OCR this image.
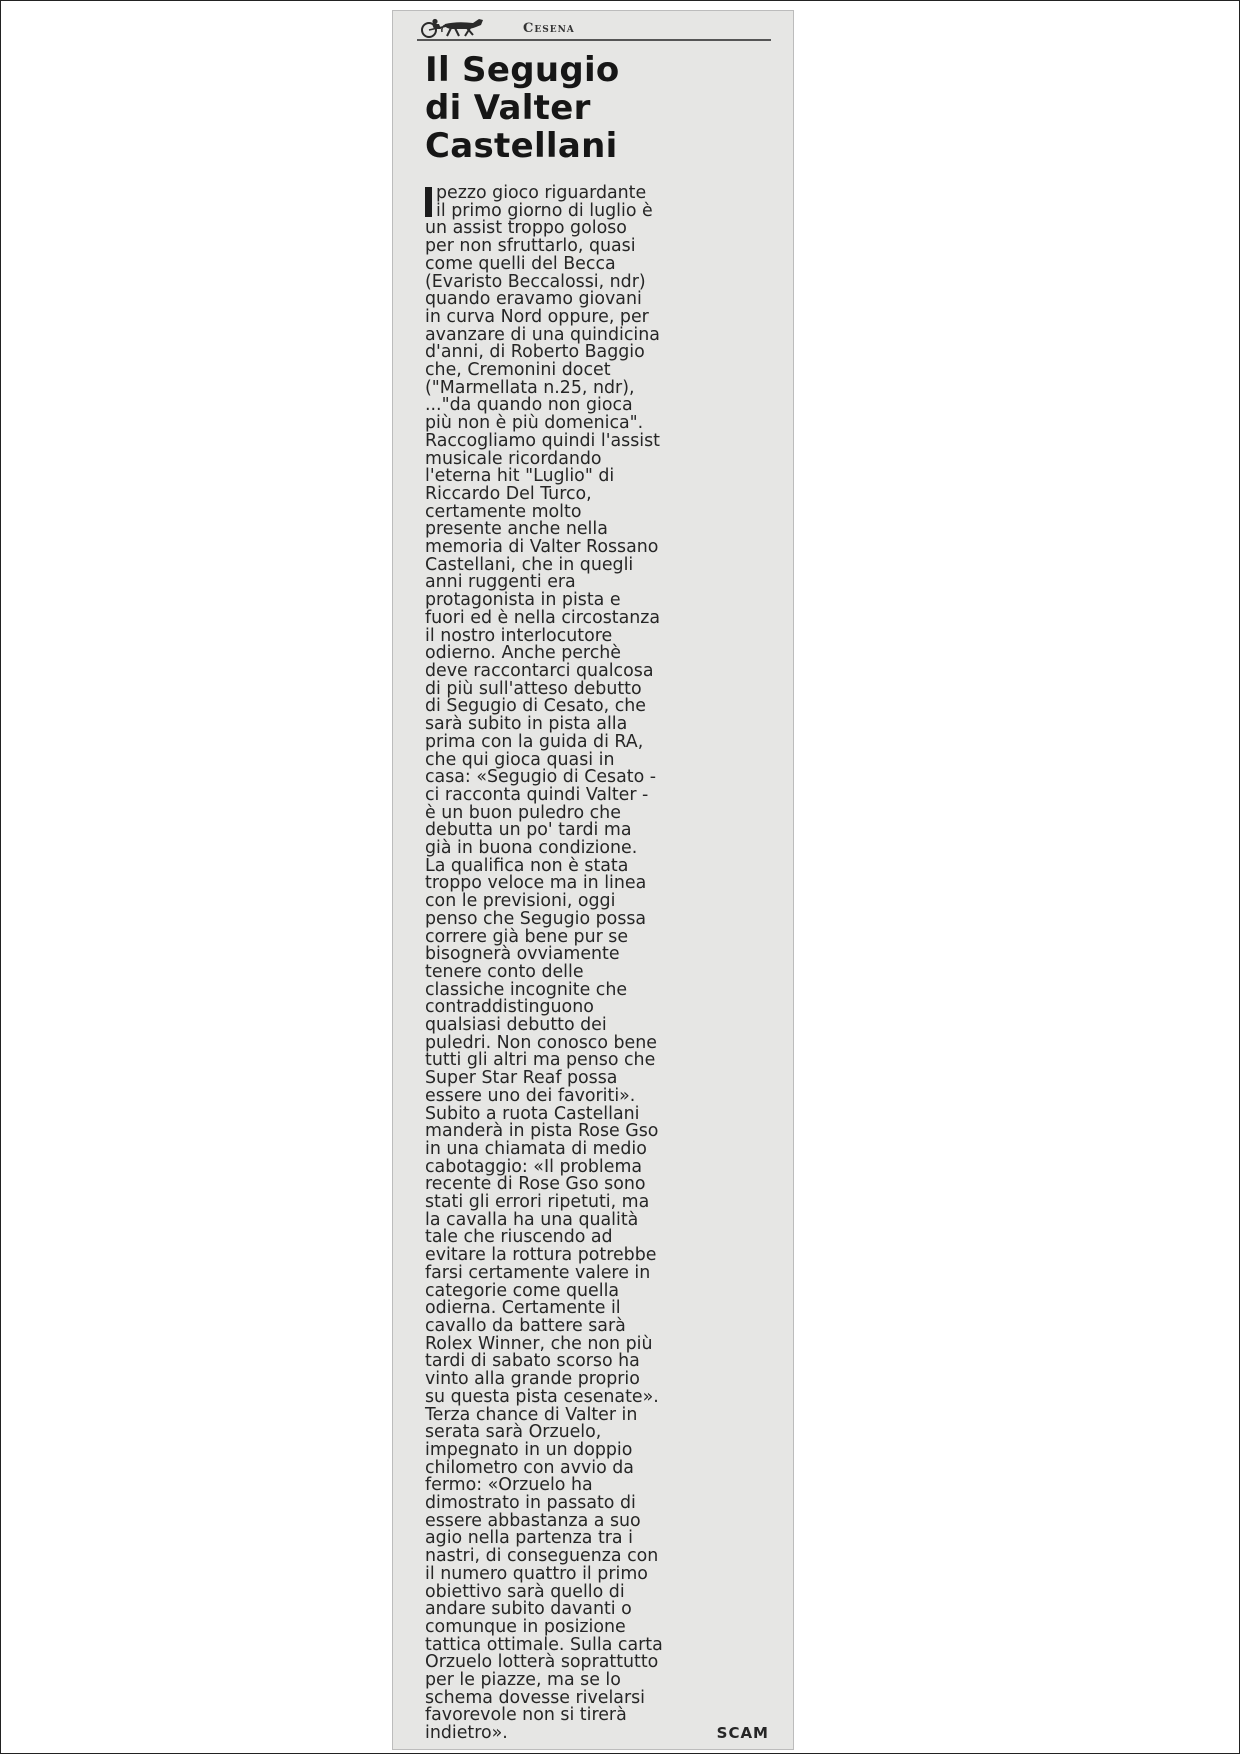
Cesena
Il Segugio
di Valter
Castellani
pezzo gioco riguardante
il primo giorno di luglio è
un assist troppo goloso
per non sfruttarlo, quasi
come quelli del Becca
(Evaristo Beccalossi, ndr)
quando eravamo giovani
in curva Nord oppure, per
avanzare di una quindicina
d'anni, di Roberto Baggio
che, Cremonini docet
("Marmellata n.25, ndr),
..."da quando non gioca
più non è più domenica".
Raccogliamo quindi l'assist
musicale ricordando
l'eterna hit "Luglio" di
Riccardo Del Turco,
certamente molto
presente anche nella
memoria di Valter Rossano
Castellani, che in quegli
anni ruggenti era
protagonista in pista e
fuori ed è nella circostanza
il nostro interlocutore
odierno. Anche perchè
deve raccontarci qualcosa
di più sull'atteso debutto
di Segugio di Cesato, che
sarà subito in pista alla
prima con la guida di RA,
che qui gioca quasi in
casa: «Segugio di Cesato -
ci racconta quindi Valter -
è un buon puledro che
debutta un po' tardi ma
già in buona condizione.
La qualifica non è stata
troppo veloce ma in linea
con le previsioni, oggi
penso che Segugio possa
correre già bene pur se
bisognerà ovviamente
tenere conto delle
classiche incognite che
contraddistinguono
qualsiasi debutto dei
puledri. Non conosco bene
tutti gli altri ma penso che
Super Star Reaf possa
essere uno dei favoriti».
Subito a ruota Castellani
manderà in pista Rose Gso
in una chiamata di medio
cabotaggio: «Il problema
recente di Rose Gso sono
stati gli errori ripetuti, ma
la cavalla ha una qualità
tale che riuscendo ad
evitare la rottura potrebbe
farsi certamente valere in
categorie come quella
odierna. Certamente il
cavallo da battere sarà
Rolex Winner, che non più
tardi di sabato scorso ha
vinto alla grande proprio
su questa pista cesenate».
Terza chance di Valter in
serata sarà Orzuelo,
impegnato in un doppio
chilometro con avvio da
fermo: «Orzuelo ha
dimostrato in passato di
essere abbastanza a suo
agio nella partenza tra i
nastri, di conseguenza con
il numero quattro il primo
obiettivo sarà quello di
andare subito davanti o
comunque in posizione
tattica ottimale. Sulla carta
Orzuelo lotterà soprattutto
per le piazze, ma se lo
schema dovesse rivelarsi
favorevole non si tirerà
indietro».	SCAM
